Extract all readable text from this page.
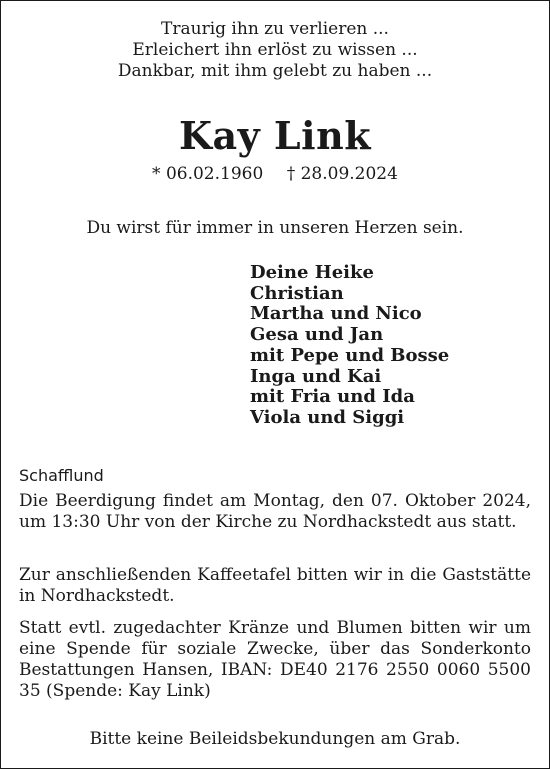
Traurig ihn zu verlieren ...
Erleichert ihn erlöst zu wissen ...
Dankbar, mit ihm gelebt zu haben ...
Kay Link
* 06.02.1960 † 28.09.2024
Du wirst für immer in unseren Herzen sein.
Deine Heike
Christian
Martha und Nico
Gesa und Jan
mit Pepe und Bosse
Inga und Kai
mit Fria und Ida
Viola und Siggi
Schafflund
Die Beerdigung findet am Montag, den 07. Oktober 2024, um 13:30 Uhr von der Kirche zu Nordhackstedt aus statt.
Zur anschließenden Kaffeetafel bitten wir in die Gaststätte in Nordhackstedt.
Statt evtl. zugedachter Kränze und Blumen bitten wir um eine Spende für soziale Zwecke, über das Sonderkonto Bestattungen Hansen, IBAN: DE40 2176 2550 0060 5500 35 (Spende: Kay Link)
Bitte keine Beileidsbekundungen am Grab.
